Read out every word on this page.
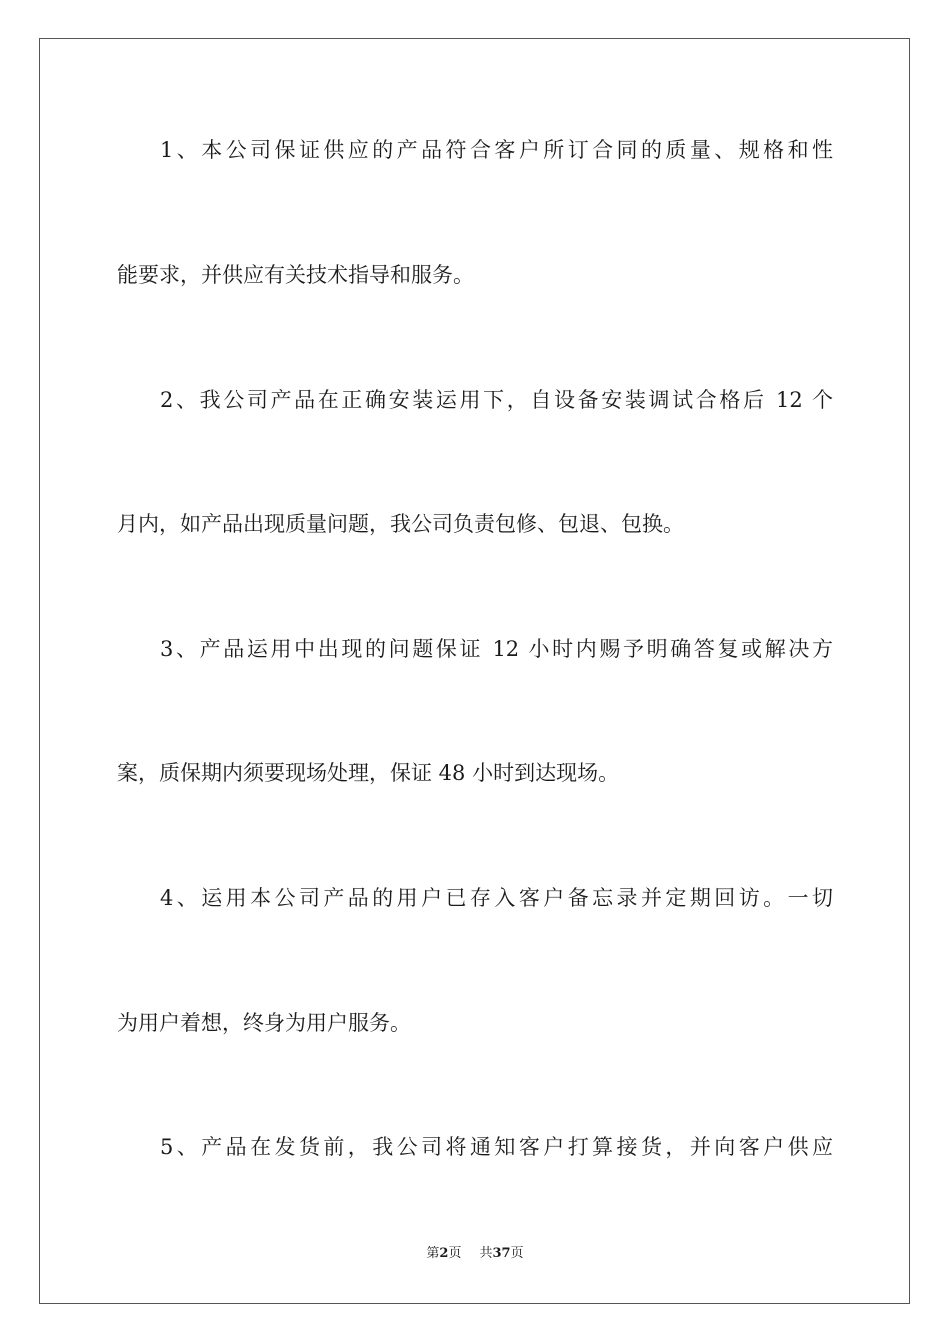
1、本公司保证供应的产品符合客户所订合同的质量、规格和性
能要求，并供应有关技术指导和服务。
2、我公司产品在正确安装运用下，自设备安装调试合格后 12 个
月内，如产品出现质量问题，我公司负责包修、包退、包换。
3、产品运用中出现的问题保证 12 小时内赐予明确答复或解决方
案，质保期内须要现场处理，保证 48 小时到达现场。
4、运用本公司产品的用户已存入客户备忘录并定期回访。一切
为用户着想，终身为用户服务。
5、产品在发货前，我公司将通知客户打算接货，并向客户供应
第2页 共37页
